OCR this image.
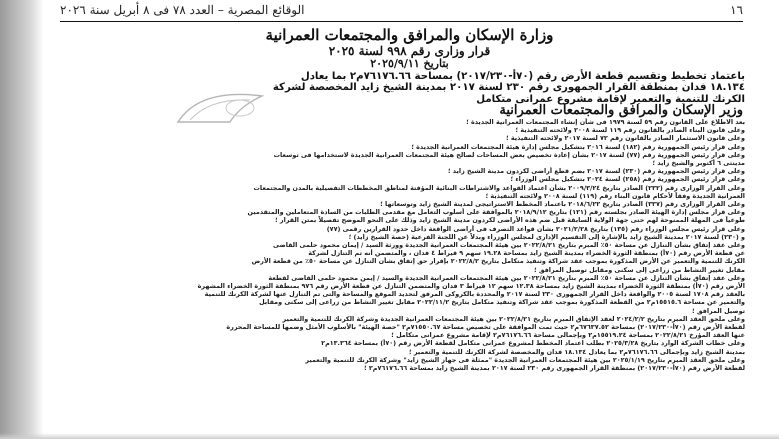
١٦
الوقائع المصرية – العدد ٧٨ فى ٨ أبريل سنة ٢٠٢٦
وزارة الإسكان والمرافق والمجتمعات العمرانية
قرار وزارى رقم ٩٩٨ لسنة ٢٠٢٥
بتاريخ ٢٠٢٥/٩/١١
باعتماد تخطيط وتقسيم قطعة الأرض رقم (٧٠أ-٢٠١٧/٢٣٠) بمساحة ٧٦١٧٦.٦٦م٢ بما يعادل
١٨.١٣٤ فدان بمنطقة القرار الجمهورى رقم ٢٣٠ لسنة ٢٠١٧ بمدينة الشيخ زايد المخصصة لشركة
الكرنك للتنمية والتعمير لإقامة مشروع عمرانى متكامل
وزير الإسكان والمرافق والمجتمعات العمرانية
بعد الاطلاع على القانون رقم ٥٩ لسنة ١٩٧٩ فى شأن إنشاء المجتمعات العمرانية الجديدة ؛
وعلى قانون البناء الصادر بالقانون رقم ١١٩ لسنة ٢٠٠٨ ولائحته التنفيذية ؛
وعلى قانون الاستثمار الصادر بالقانون رقم ٧٢ لسنة ٢٠١٧ ولائحته التنفيذية ؛
وعلى قرار رئيس الجمهورية رقم (١٨٢) لسنة ٢٠١٦ بتشكيل مجلس إدارة هيئة المجتمعات العمرانية الجديدة ؛
وعلى قرار رئيس الجمهورية رقم (٧٧) لسنة ٢٠١٧ بشأن إعادة تخصيص بعض المساحات لصالح هيئة المجتمعات العمرانية الجديدة لاستخدامها فى توسعات
مدينتى ٦ أكتوبر والشيخ زايد ؛
وعلى قرار رئيس الجمهورية رقم (٢٣٠) لسنة ٢٠١٧ بضم قطع أراضى لكردون مدينة الشيخ زايد ؛
وعلى قرار رئيس الجمهورية رقم (٢٥٨) لسنة ٢٠٢٤ بتشكيل مجلس الوزراء ؛
وعلى القرار الوزارى رقم (٢٣٢) الصادر بتاريخ ٢٠٠٩/٣/٢٤ بشأن اعتماد القواعد والاشتراطات البنائية المؤقتة لمناطق المخططات التفصيلية بالمدن والمجتمعات
العمرانية الجديدة وفقاً لأحكام قانون البناء رقم (١١٩) لسنة ٢٠٠٨ ولائحته التنفيذية ؛
وعلى القرار الوزارى رقم (٣٣٧) الصادر بتاريخ ٢٠١٨/٦/٢٢ باعتماد المخطط الاستراتيجى لمدينة الشيخ زايد وتوسعاتها ؛
وعلى قرار مجلس إدارة الهيئة الصادر بجلسته رقم (١٢١) بتاريخ ٢٠١٨/٩/١٢ بالموافقة على أسلوب التعامل مع مقدمى الطلبات من السادة المتعاملين والمتقدمين
طوعياً فى المهلة الممنوحة لهم حتى جهة الولاية السابقة قبل ضم هذه الأراضى لكردون مدينة الشيخ زايد وذلك على النحو الموضح تفصيلاً بمتن القرار ؛
وعلى قرار رئيس مجلس الوزراء رقم (١٣٥) بتاريخ ٢٠٢١/٢/٢٨ بشأن قواعد التصرف فى أراضى الواقعة داخل حدود القرارين رقمى (٧٧)
و (٢٣٠) لسنة ٢٠١٧ بمدينة الشيخ زايد بالإشارة إلى التقسيم الإدارى لمجلس الوزراء وبدلاً عن اللجنة الفرعية (حصة الشيخ زايد) ؛
وعلى عقد إتفاق بشأن التنازل عن مساحة ٥٠٪ المبرم بتاريخ ٢٠٢٢/٨/٢١ بين هيئة المجتمعات العمرانية الجديدة وورثة السيد / إيمان محمود حلمى القاضى
عن قطعة الأرض رقم (٧٠أ) بمنطقة الثورة الخضراء بمدينة الشيخ زايد بمساحة ١٩.٢٨ سهم ٩ قيراط ٤ فدان ، والمتضمن أنه تم التنازل لشركة
الكرنك للتنمية والتعمير عن الأرض المذكورة بموجب عقد شراكة وتنفيذ متكامل بتاريخ ٢٠٢٢/٨/٢ بإقرار حق إتفاق بشأن التنازل عن مساحة ٥٠٪ من قطعة الأرض
مقابل تغيير النشاط من زراعى إلى سكنى ومقابل توصيل المرافق ؛
وعلى عقد إتفاق بشأن التنازل عن مساحة ٥٠٪ المبرم بتاريخ ٢٠٢٢/٨/٢١ بين هيئة المجتمعات العمرانية الجديدة والسيد / إيمن محمود حلمى القاضى لقطعة
الأرض رقم (٧٠أ) بمنطقة الثورة الخضراء بمدينة الشيخ زايد بمساحة ١٢.٣٨ سهم ١٢ قيراط ٣ فدان والمتضمن التنازل عن قطعة الأرض رقم ٩٧٦ بمنطقة الثورة الخضراء المشهرة
بالعقد رقم ١٧٠٨ لسنة ٢٠٠٥ والواقعة داخل القرار الجمهورى ٢٣٠ لسنة ٢٠١٧ والمحددة بالكروكى المرفق لتحديد الموقع والمساحة والتى تم التنازل عنها لشركة الكرنك للتنمية
والتعمير عن مساحة ١٥٥١٥.٦م٢ من القطعة المذكورة بموجب عقد شراكة وتنفيذ متكامل بتاريخ ٢٠٢٢/١١/٢ مقابل تغيير النشاط من زراعى إلى سكنى ومقابل
توصيل المرافق ؛
وعلى ملحق العقد المبرم بتاريخ ٢٠٢٤/٢/٢ لعقد الإتفاق المبرم بتاريخ ٢٠٢٢/٨/٢١ بين هيئة المجتمعات العمرانية الجديدة وشركة الكرنك للتنمية والتعمير
لقطعة الأرض رقم (٧٠أ-٢٠١٧/٢٣٠) بمساحة ٦٧٦٣٧.٥٢م٢ حيث تمت الموافقة على تخصيص مساحة ٧١٥٥٠.٦٧م٢ "حصة الهيئة" بالأسلوب الأمثل وضمها للمساحة المحررة
عنها العقد المؤرخ ٢٠٢٢/٨/٢١ بمساحة ١٥٥١٩.٢٤م٢ وبإجمالى مساحة ٧٦١٧٦.٦٦م٢ لإقامة مشروع عمرانى متكامل ؛
وعلى خطاب الشركة الوارد بتاريخ ٢٠٢٥/٣/٢٨ بطلب اعتماد المخطط لمشروع عمرانى متكامل لقطعة الأرض رقم (٧٠أ) بمساحة ١٣.٣٦٤م٢
بمدينة الشيخ زايد وبإجمالى ٧٦١٧٦.٦٦م٢ بما يعادل ١٨.١٣٤ فدان والمخصصة لشركة الكرنك للتنمية والتعمير ؛
وعلى ملحق العقد المبرم بتاريخ ٢٠٢٥/١/١٩ بين هيئة المجتمعات العمرانية الجديدة "ممثلة فى جهاز الشيخ زايد" وشركة الكرنك للتنمية والتعمير
لقطعة الأرض رقم (٧٠أ-٢٠١٧/٢٣٠) بمنطقة القرار الجمهورى رقم ٢٣٠ لسنة ٢٠١٧ بمدينة الشيخ زايد بمساحة ٧٦١٧٦.٦٦م٢ ؛
